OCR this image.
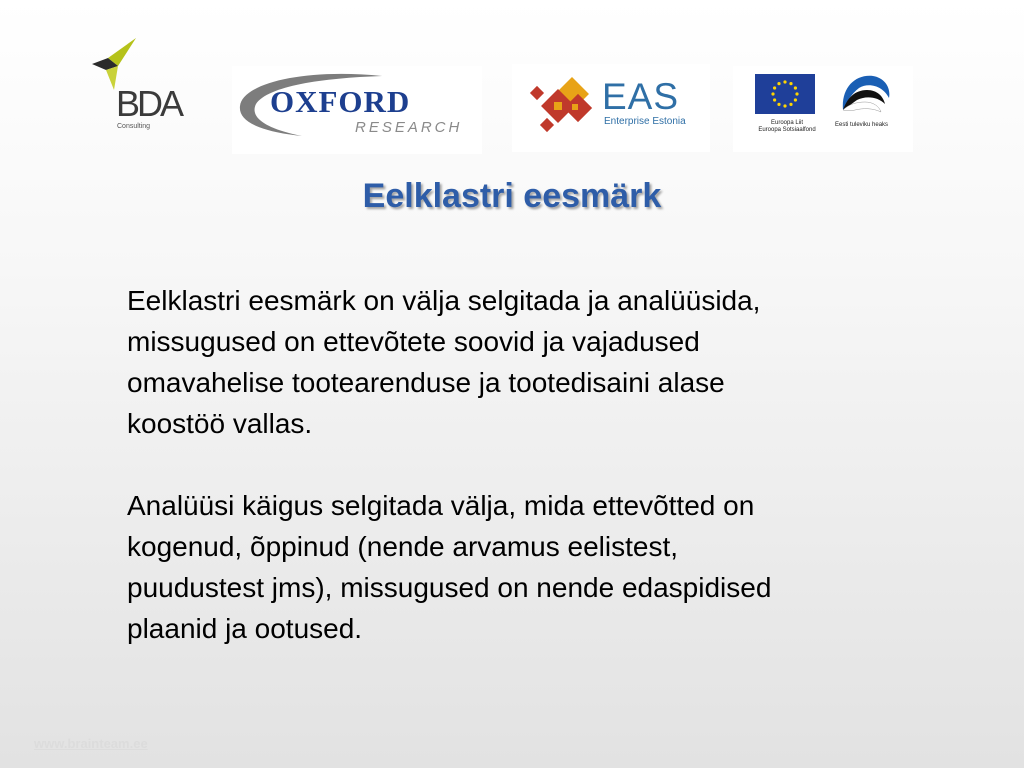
BDA
Consulting
OXFORD
RESEARCH
EAS
Enterprise Estonia	Euroopa Liit
Euroopa Sotsiaalfond
Eesti tuleviku heaks
Eelklastri eesmärk

Eelklastri eesmärk on välja selgitada ja analüüsida,
missugused on ettevõtete soovid ja vajadused
omavahelise tootearenduse ja tootedisaini alase
koostöö vallas.

Analüüsi käigus selgitada välja, mida ettevõtted on
kogenud, õppinud (nende arvamus eelistest,
puudustest jms), missugused on nende edaspidised
plaanid ja ootused.

www.brainteam.ee
